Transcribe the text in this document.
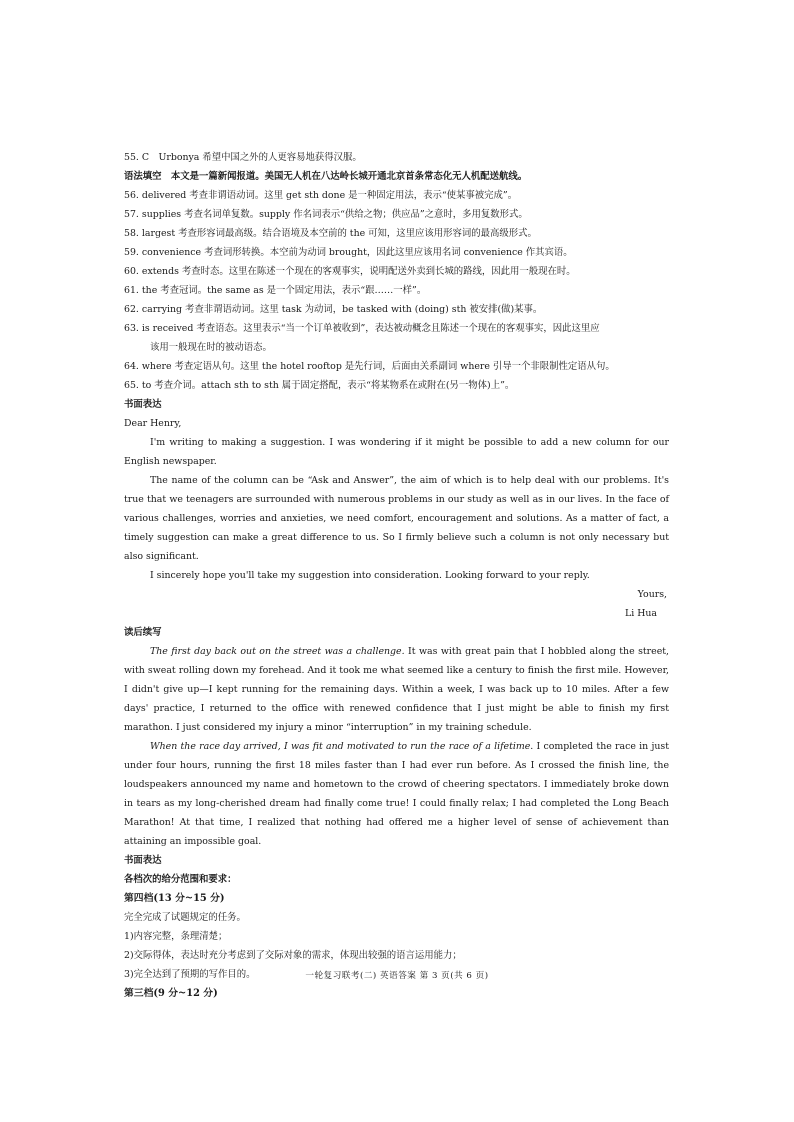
55. C　Urbonya 希望中国之外的人更容易地获得汉服。

语法填空　本文是一篇新闻报道。美国无人机在八达岭长城开通北京首条常态化无人机配送航线。

56. delivered 考查非谓语动词。这里 get sth done 是一种固定用法，表示“使某事被完成”。

57. supplies 考查名词单复数。supply 作名词表示“供给之物；供应品”之意时，多用复数形式。

58. largest 考查形容词最高级。结合语境及本空前的 the 可知，这里应该用形容词的最高级形式。

59. convenience 考查词形转换。本空前为动词 brought，因此这里应该用名词 convenience 作其宾语。

60. extends 考查时态。这里在陈述一个现在的客观事实，说明配送外卖到长城的路线，因此用一般现在时。

61. the 考查冠词。the same as 是一个固定用法，表示“跟……一样”。

62. carrying 考查非谓语动词。这里 task 为动词，be tasked with (doing) sth 被安排(做)某事。

63. is received 考查语态。这里表示“当一个订单被收到”，表达被动概念且陈述一个现在的客观事实，因此这里应

该用一般现在时的被动语态。

64. where 考查定语从句。这里 the hotel rooftop 是先行词，后面由关系副词 where 引导一个非限制性定语从句。

65. to 考查介词。attach sth to sth 属于固定搭配，表示“将某物系在或附在(另一物体)上”。

书面表达

Dear Henry,

I'm writing to making a suggestion. I was wondering if it might be possible to add a new column for our English newspaper.

The name of the column can be “Ask and Answer”, the aim of which is to help deal with our problems. It's true that we teenagers are surrounded with numerous problems in our study as well as in our lives. In the face of various challenges, worries and anxieties, we need comfort, encouragement and solutions. As a matter of fact, a timely suggestion can make a great difference to us. So I firmly believe such a column is not only necessary but also significant.

I sincerely hope you'll take my suggestion into consideration. Looking forward to your reply.

Yours,

Li Hua

读后续写

The first day back out on the street was a challenge. It was with great pain that I hobbled along the street, with sweat rolling down my forehead. And it took me what seemed like a century to finish the first mile. However, I didn't give up—I kept running for the remaining days. Within a week, I was back up to 10 miles. After a few days' practice, I returned to the office with renewed confidence that I just might be able to finish my first marathon. I just considered my injury a minor “interruption” in my training schedule.

When the race day arrived, I was fit and motivated to run the race of a lifetime. I completed the race in just under four hours, running the first 18 miles faster than I had ever run before. As I crossed the finish line, the loudspeakers announced my name and hometown to the crowd of cheering spectators. I immediately broke down in tears as my long-cherished dream had finally come true! I could finally relax; I had completed the Long Beach Marathon! At that time, I realized that nothing had offered me a higher level of sense of achievement than attaining an impossible goal.

书面表达

各档次的给分范围和要求：

第四档(13 分~15 分)

完全完成了试题规定的任务。

1)内容完整，条理清楚；

2)交际得体，表达时充分考虑到了交际对象的需求，体现出较强的语言运用能力；

3)完全达到了预期的写作目的。

第三档(9 分~12 分)

一轮复习联考(二) 英语答案 第 3 页(共 6 页)
